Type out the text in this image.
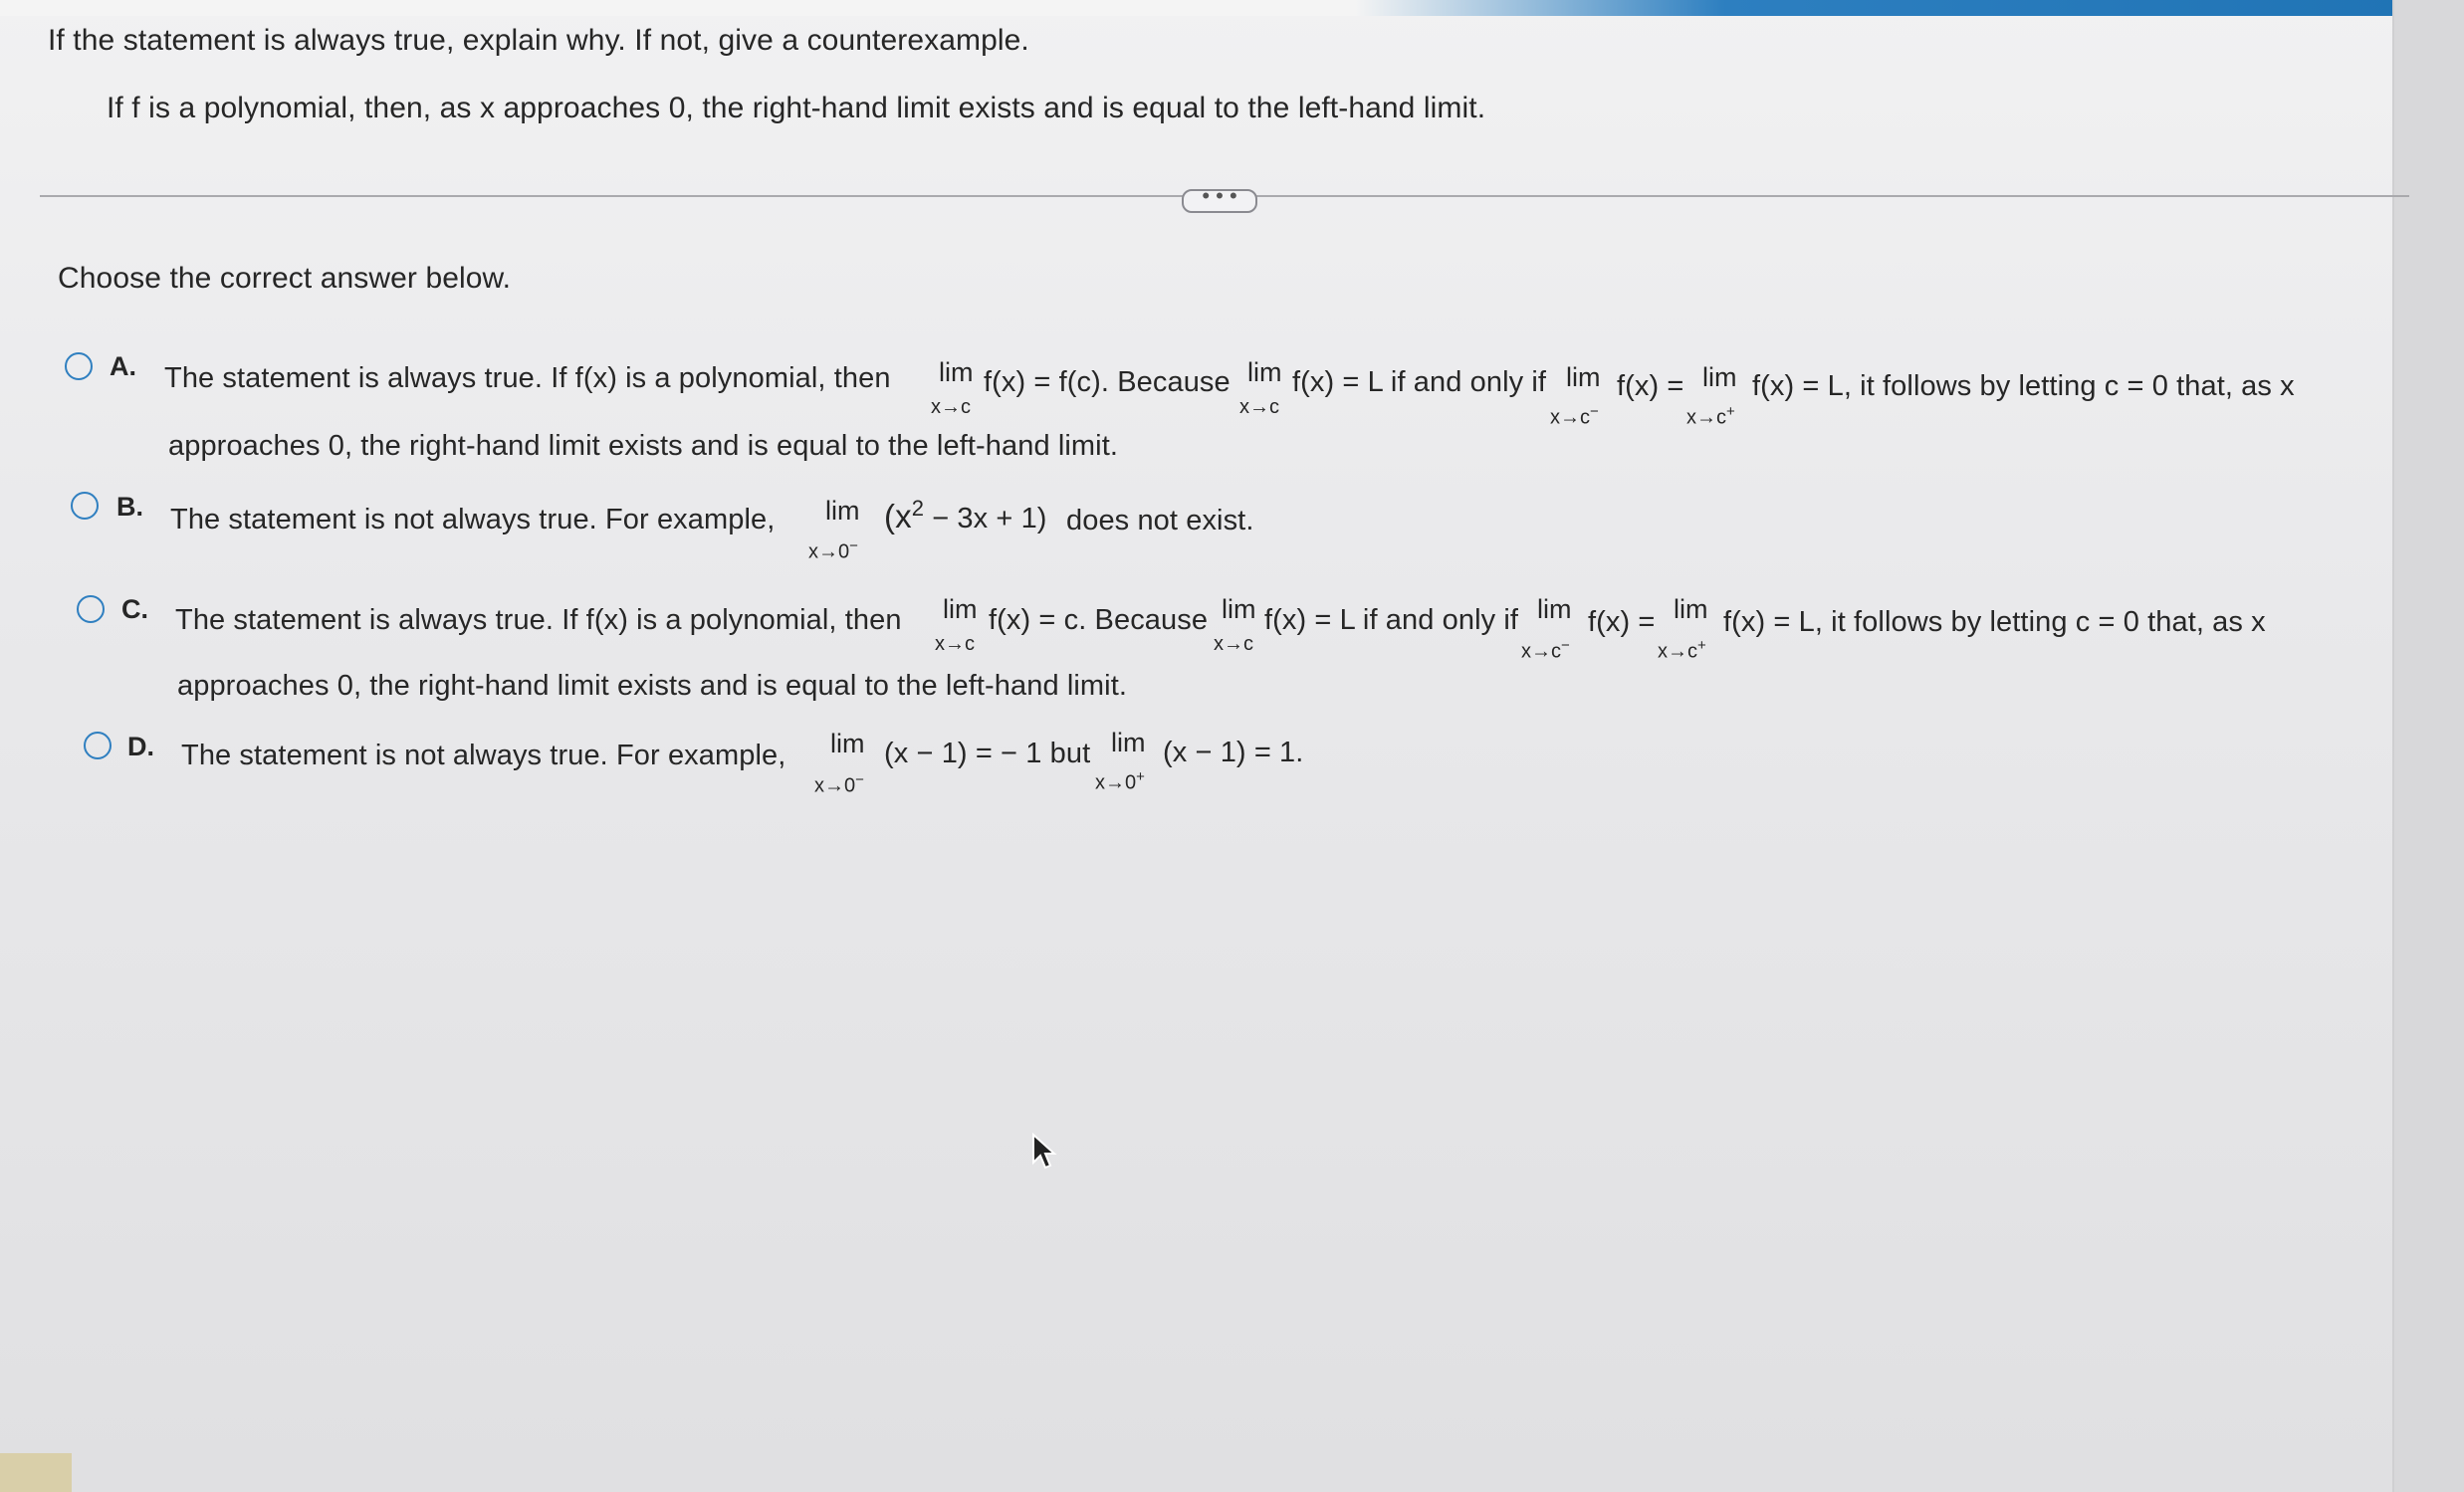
If the statement is always true, explain why. If not, give a counterexample.
If f is a polynomial, then, as x approaches 0, the right-hand limit exists and is equal to the left-hand limit.
• • •
Choose the correct answer below.
A. The statement is always true. If f(x) is a polynomial, then lim
x→c
f(x) = f(c). Because lim
x→c
f(x) = L if and only if lim
x→c−
f(x) = lim
x→c+
f(x) = L, it follows by letting c = 0 that, as x
approaches 0, the right-hand limit exists and is equal to the left-hand limit.
B. The statement is not always true. For example, lim
x→0−
$(x^2 - 3x + 1)$ does not exist.
C. The statement is always true. If f(x) is a polynomial, then lim
x→c
f(x) = c. Because lim
x→c
f(x) = L if and only if lim
x→c−
f(x) = lim
x→c+
f(x) = L, it follows by letting c = 0 that, as x
approaches 0, the right-hand limit exists and is equal to the left-hand limit.
D. The statement is not always true. For example, lim
x→0−
(x − 1) = − 1 but lim
x→0+
(x − 1) = 1.
